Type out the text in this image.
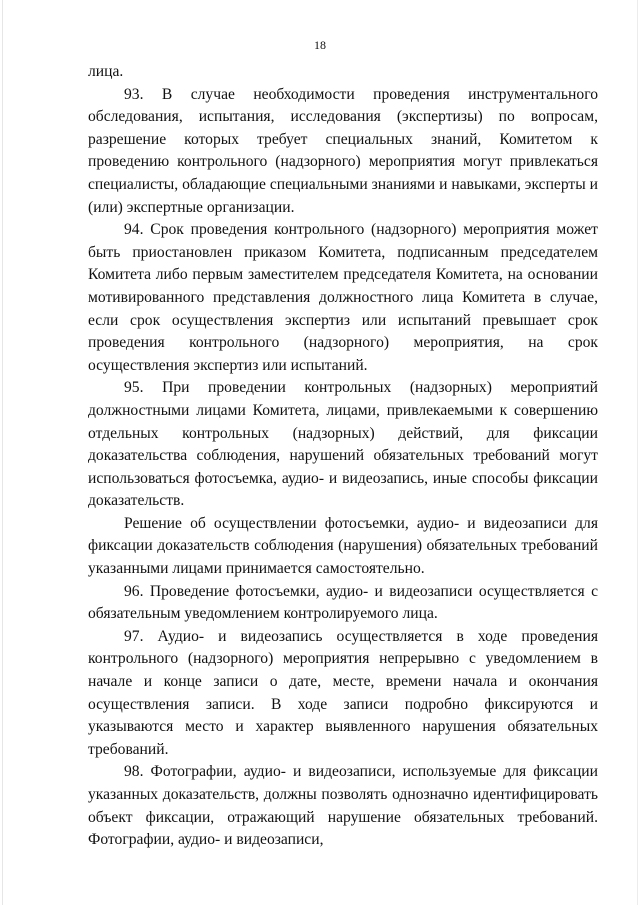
18

лица.

93. В случае необходимости проведения инструментального обследования, испытания, исследования (экспертизы) по вопросам, разрешение которых требует специальных знаний, Комитетом к проведению контрольного (надзорного) мероприятия могут привлекаться специалисты, обладающие специальными знаниями и навыками, эксперты и (или) экспертные организации.

94. Срок проведения контрольного (надзорного) мероприятия может быть приостановлен приказом Комитета, подписанным председателем Комитета либо первым заместителем председателя Комитета, на основании мотивированного представления должностного лица Комитета в случае, если срок осуществления экспертиз или испытаний превышает срок проведения контрольного (надзорного) мероприятия, на срок осуществления экспертиз или испытаний.

95. При проведении контрольных (надзорных) мероприятий должностными лицами Комитета, лицами, привлекаемыми к совершению отдельных контрольных (надзорных) действий, для фиксации доказательства соблюдения, нарушений обязательных требований могут использоваться фотосъемка, аудио- и видеозапись, иные способы фиксации доказательств.

Решение об осуществлении фотосъемки, аудио- и видеозаписи для фиксации доказательств соблюдения (нарушения) обязательных требований указанными лицами принимается самостоятельно.

96. Проведение фотосъемки, аудио- и видеозаписи осуществляется с обязательным уведомлением контролируемого лица.

97. Аудио- и видеозапись осуществляется в ходе проведения контрольного (надзорного) мероприятия непрерывно с уведомлением в начале и конце записи о дате, месте, времени начала и окончания осуществления записи. В ходе записи подробно фиксируются и указываются место и характер выявленного нарушения обязательных требований.

98. Фотографии, аудио- и видеозаписи, используемые для фиксации указанных доказательств, должны позволять однозначно идентифицировать объект фиксации, отражающий нарушение обязательных требований. Фотографии, аудио- и видеозаписи,
